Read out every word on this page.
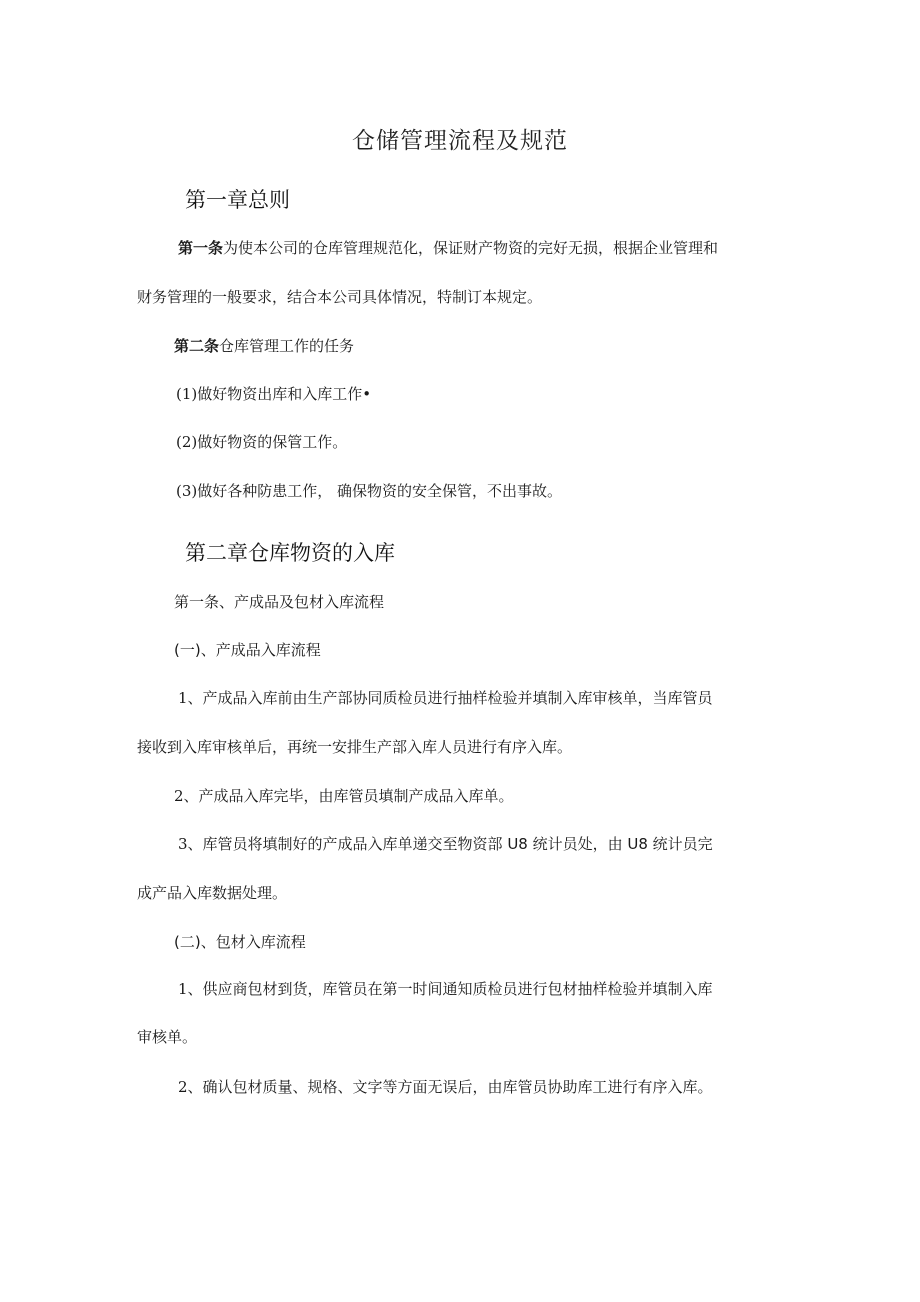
仓储管理流程及规范
第一章总则
第一条为使本公司的仓库管理规范化，保证财产物资的完好无损，根据企业管理和
财务管理的一般要求，结合本公司具体情况，特制订本规定。
第二条仓库管理工作的任务
(1)做好物资出库和入库工作•
(2)做好物资的保管工作。
(3)做好各种防患工作， 确保物资的安全保管，不出事故。
第二章仓库物资的入库
第一条、产成品及包材入库流程
(一)、产成品入库流程
1、产成品入库前由生产部协同质检员进行抽样检验并填制入库审核单，当库管员
接收到入库审核单后，再统一安排生产部入库人员进行有序入库。
2、产成品入库完毕，由库管员填制产成品入库单。
3、库管员将填制好的产成品入库单递交至物资部 U8 统计员处，由 U8 统计员完
成产品入库数据处理。
(二)、包材入库流程
1、供应商包材到货，库管员在第一时间通知质检员进行包材抽样检验并填制入库
审核单。
2、确认包材质量、规格、文字等方面无误后，由库管员协助库工进行有序入库。
